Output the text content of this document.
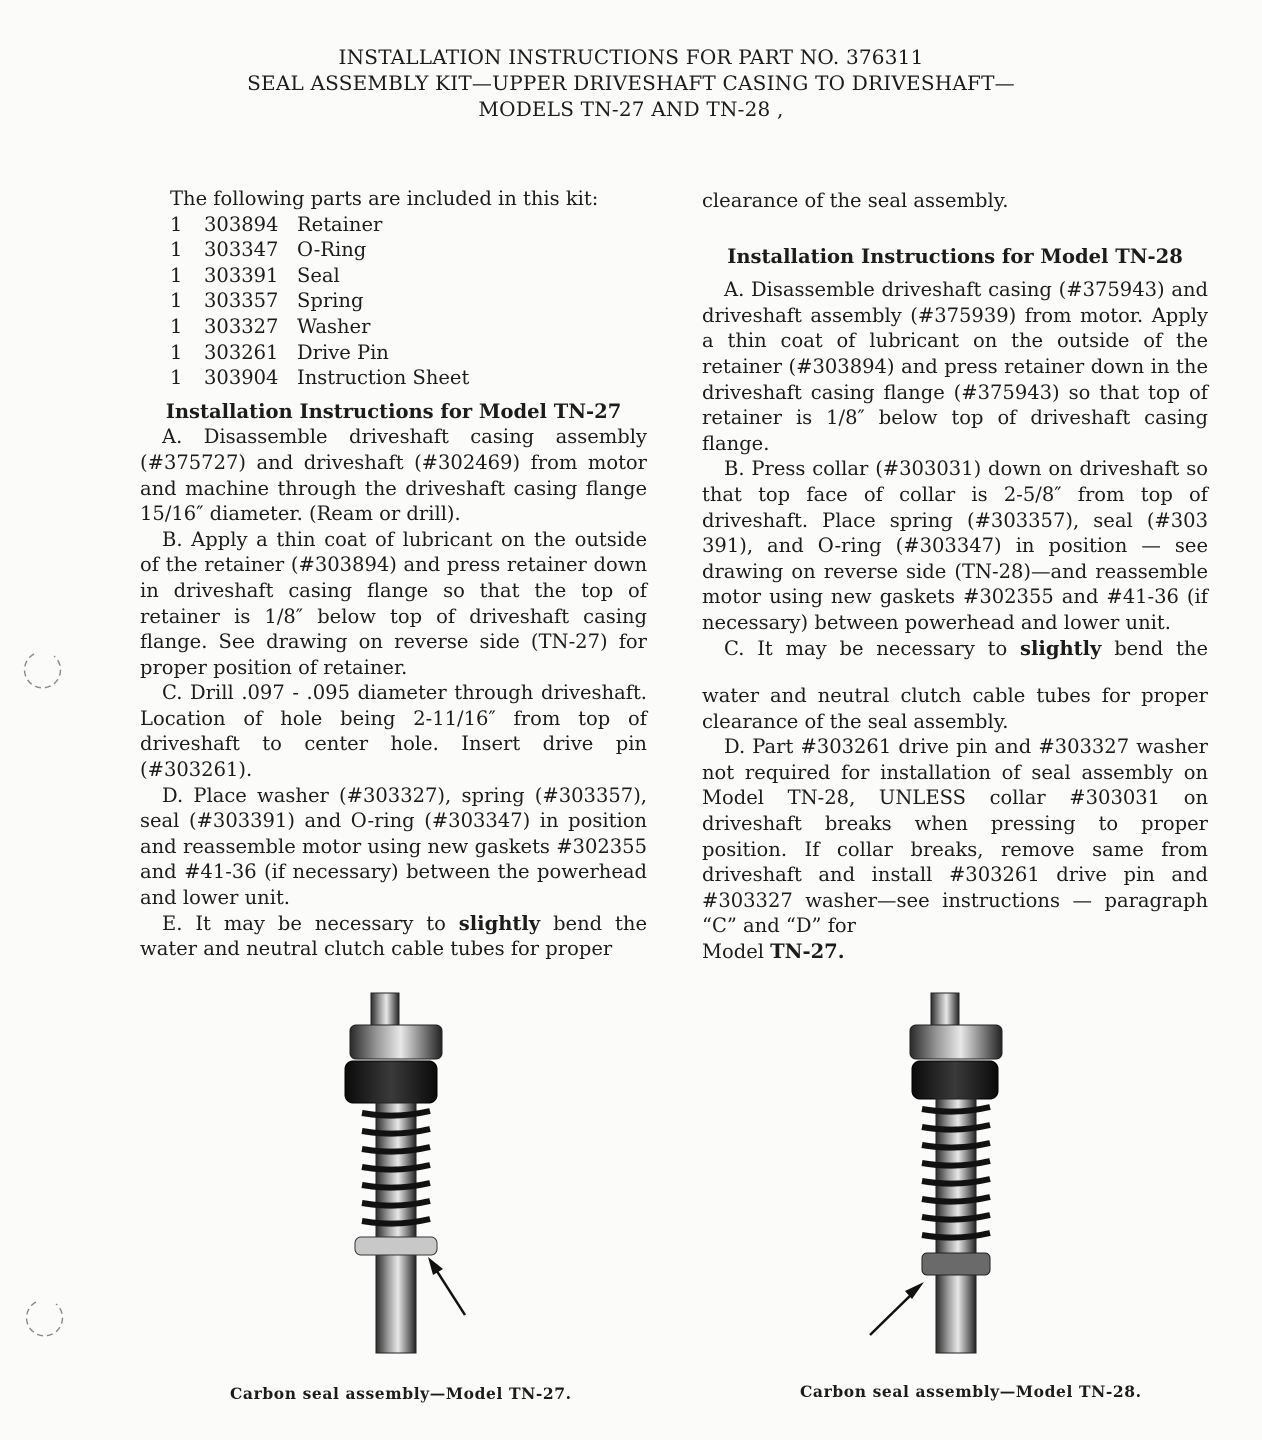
INSTALLATION INSTRUCTIONS FOR PART NO. 376311
SEAL ASSEMBLY KIT—UPPER DRIVESHAFT CASING TO DRIVESHAFT—
MODELS TN-27 AND TN-28 ,
The following parts are included in this kit:
1	303894 Retainer
1	303347 O-Ring
1	303391 Seal
1	303357 Spring
1	303327 Washer
1	303261 Drive Pin
1	303904 Instruction Sheet
Installation Instructions for Model TN-27

A. Disassemble driveshaft casing assembly (#375727) and driveshaft (#302469) from motor and machine through the driveshaft casing flange 15/16″ diameter. (Ream or drill).

B. Apply a thin coat of lubricant on the outside of the retainer (#303894) and press retainer down in driveshaft casing flange so that the top of retainer is 1/8″ below top of driveshaft casing flange. See drawing on reverse side (TN-27) for proper position of retainer.

C. Drill .097 - .095 diameter through driveshaft. Location of hole being 2-11/16″ from top of driveshaft to center hole. Insert drive pin (#303261).

D. Place washer (#303327), spring (#303357), seal (#303391) and O-ring (#303347) in position and reassemble motor using new gaskets #302355 and #41-36 (if necessary) between the powerhead and lower unit.

E. It may be necessary to slightly bend the water and neutral clutch cable tubes for proper

clearance of the seal assembly.

Installation Instructions for Model TN-28

A. Disassemble driveshaft casing (#375943) and driveshaft assembly (#375939) from motor. Apply a thin coat of lubricant on the outside of the retainer (#303894) and press retainer down in the driveshaft casing flange (#375943) so that top of retainer is 1/8″ below top of driveshaft casing flange.

B. Press collar (#303031) down on driveshaft so that top face of collar is 2-5/8″ from top of driveshaft. Place spring (#303357), seal (#303 391), and O-ring (#303347) in position — see drawing on reverse side (TN-28)—and reassemble motor using new gaskets #302355 and #41-36 (if necessary) between powerhead and lower unit.

C. It may be necessary to slightly bend the

water and neutral clutch cable tubes for proper clearance of the seal assembly.

D. Part #303261 drive pin and #303327 washer not required for installation of seal assembly on Model TN-28, UNLESS collar #303031 on driveshaft breaks when pressing to proper position. If collar breaks, remove same from driveshaft and install #303261 drive pin and #303327 washer—see instructions — paragraph “C” and “D” for

Model TN-27.

Carbon seal assembly—Model TN-27.	Carbon seal assembly—Model TN-28.
